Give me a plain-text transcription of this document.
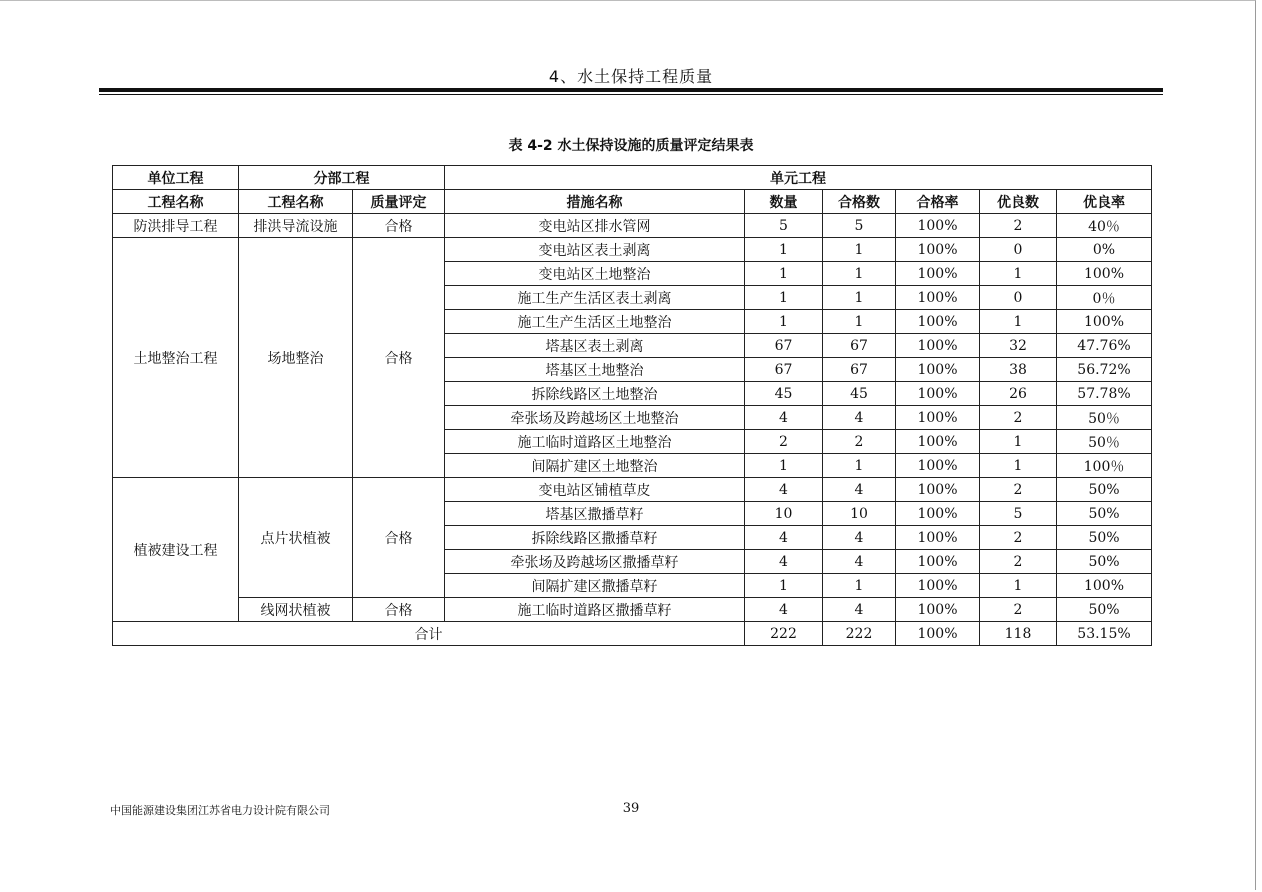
4、水土保持工程质量
表 4-2 水土保持设施的质量评定结果表
单位工程	分部工程		单元工程					
工程名称	工程名称	质量评定	措施名称	数量	合格数	合格率	优良数	优良率
防洪排导工程	排洪导流设施	合格	变电站区排水管网	5	5	100%	2	40％
土地整治工程	场地整治	合格	变电站区表土剥离	1	1	100%	0	0%
			变电站区土地整治	1	1	100%	1	100%
			施工生产生活区表土剥离	1	1	100%	0	0％
			施工生产生活区土地整治	1	1	100%	1	100%
			塔基区表土剥离	67	67	100%	32	47.76%
			塔基区土地整治	67	67	100%	38	56.72%
			拆除线路区土地整治	45	45	100%	26	57.78%
			牵张场及跨越场区土地整治	4	4	100%	2	50％
			施工临时道路区土地整治	2	2	100%	1	50％
			间隔扩建区土地整治	1	1	100%	1	100％
植被建设工程	点片状植被	合格	变电站区铺植草皮	4	4	100%	2	50%
			塔基区撒播草籽	10	10	100%	5	50%
			拆除线路区撒播草籽	4	4	100%	2	50%
			牵张场及跨越场区撒播草籽	4	4	100%	2	50%
			间隔扩建区撒播草籽	1	1	100%	1	100%
	线网状植被	合格	施工临时道路区撒播草籽	4	4	100%	2	50%
合计				222	222	100%	118	53.15%
中国能源建设集团江苏省电力设计院有限公司	39
